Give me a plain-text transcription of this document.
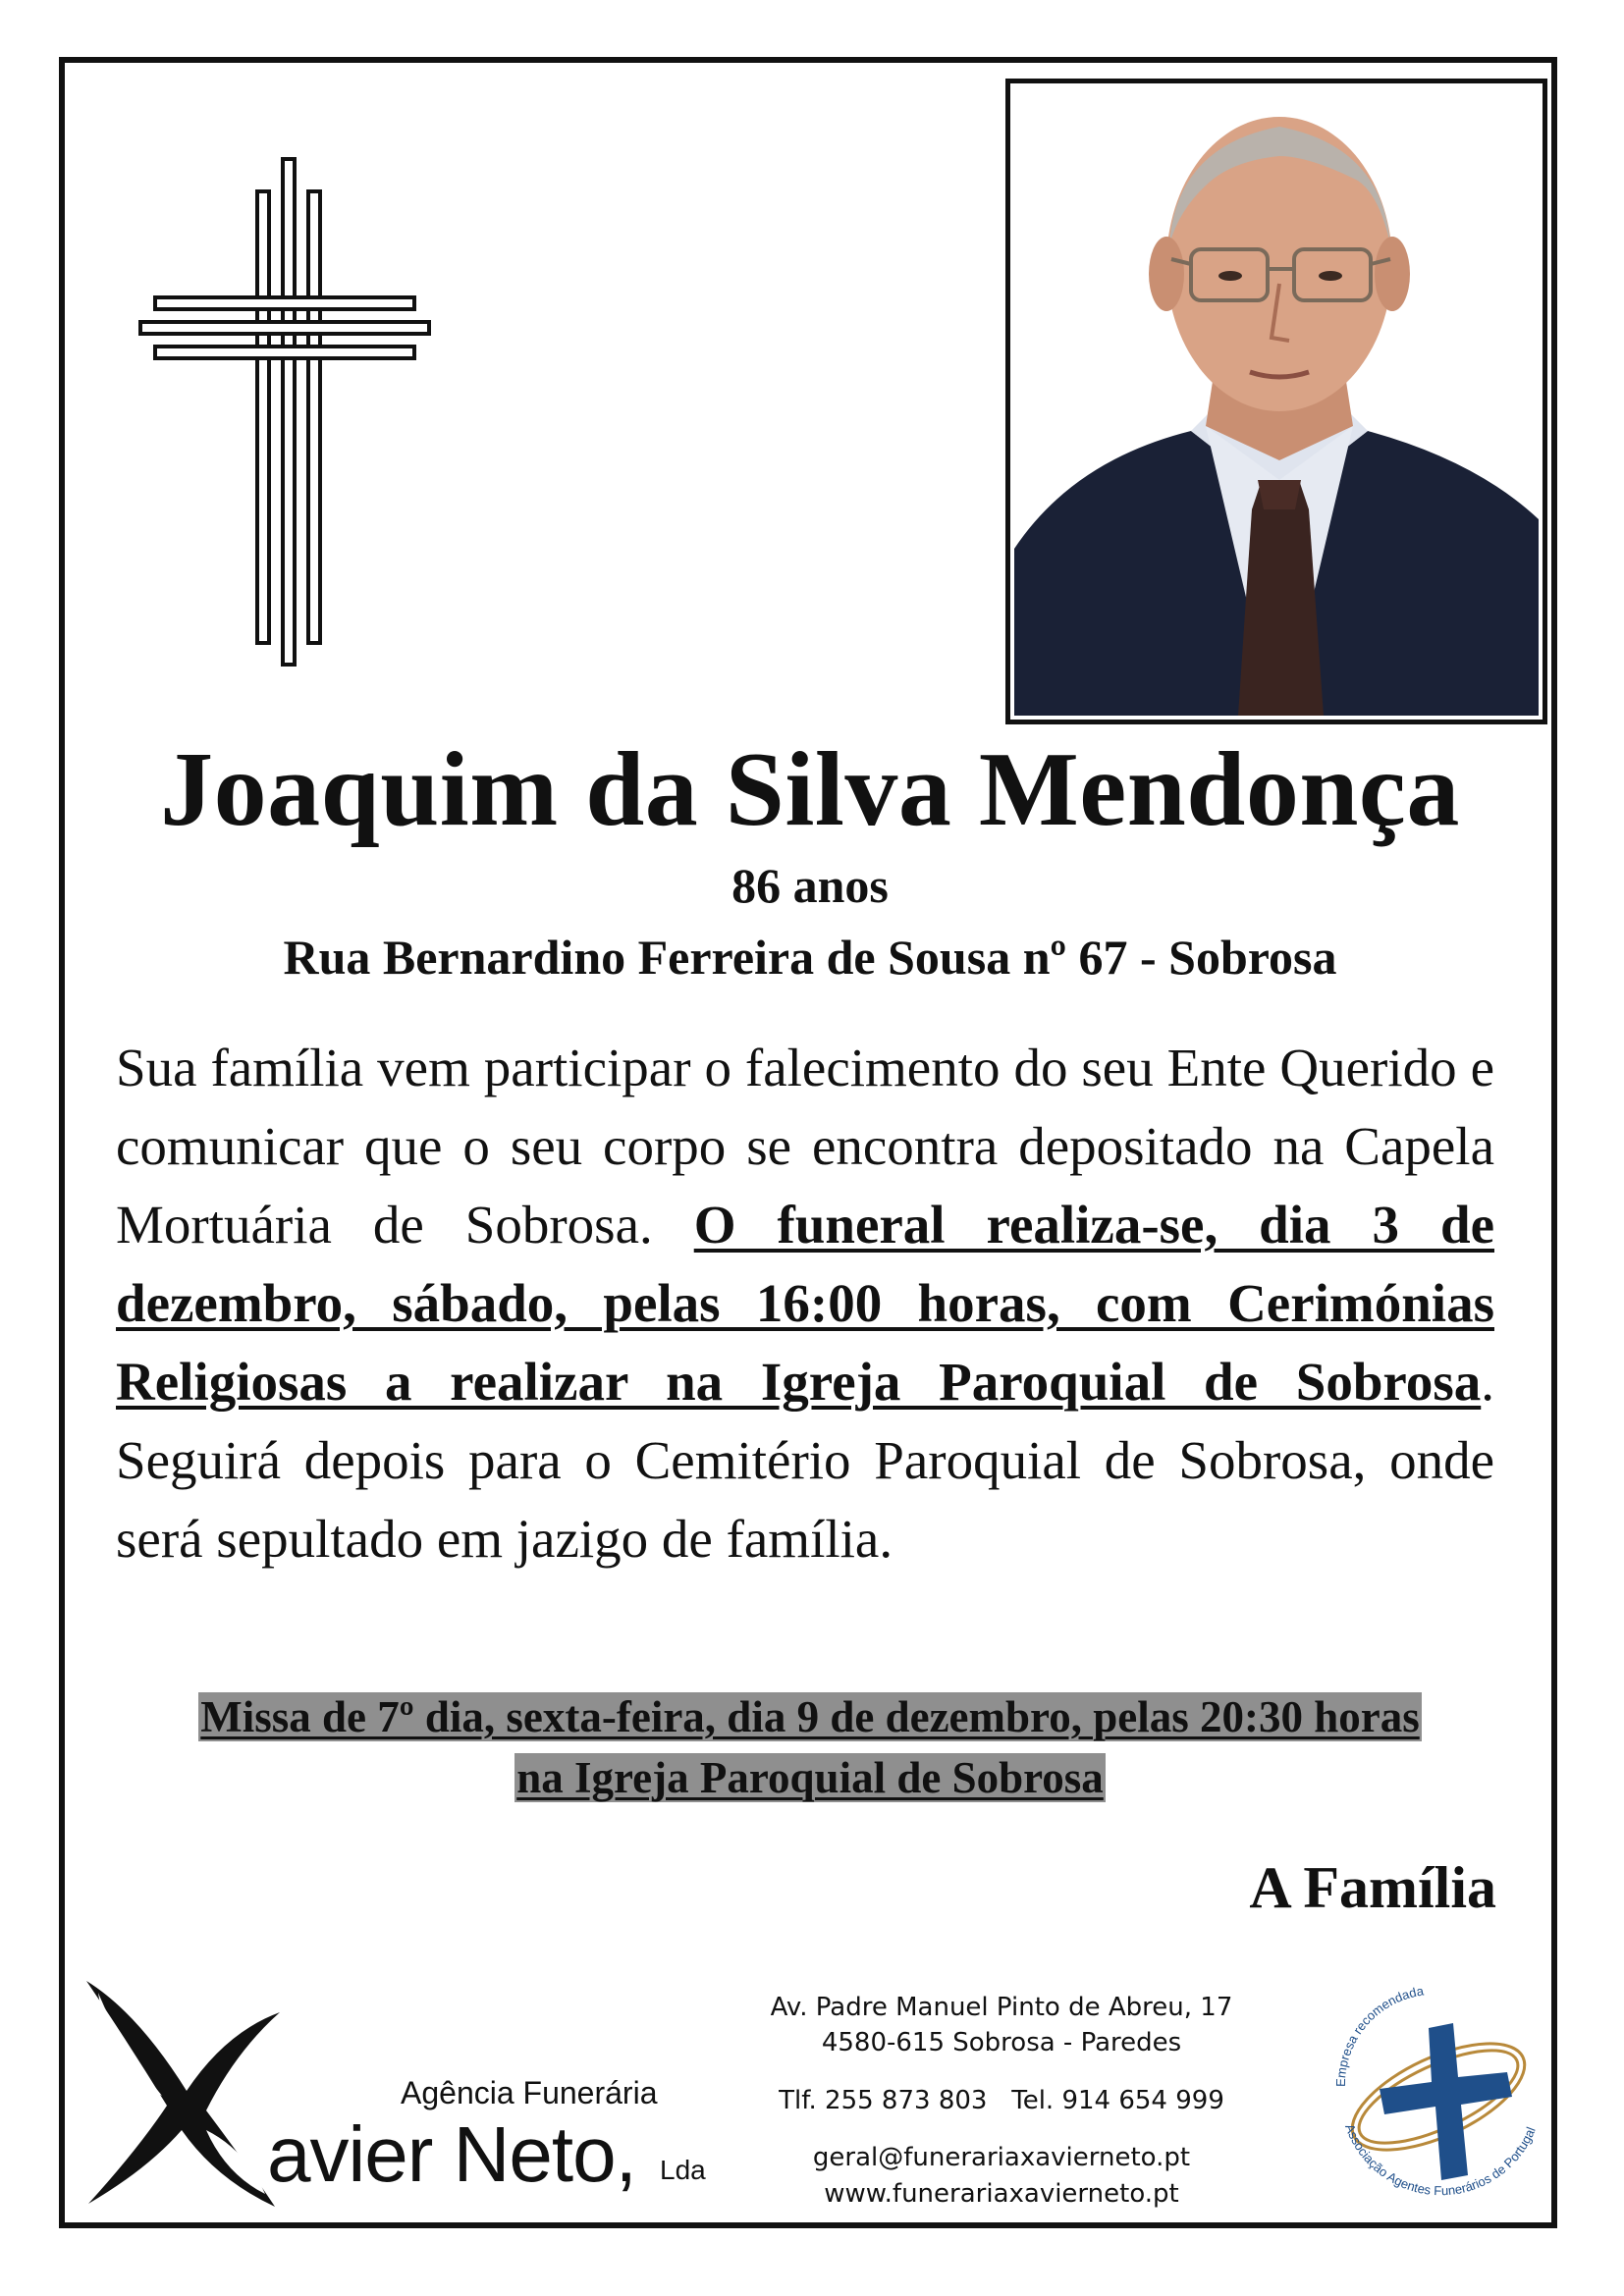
Joaquim da Silva Mendonça
86 anos
Rua Bernardino Ferreira de Sousa nº 67 - Sobrosa
Sua família vem participar o falecimento do seu Ente Querido e comunicar que o seu corpo se encontra depositado na Capela Mortuária de Sobrosa. O funeral realiza-se, dia 3 de dezembro, sábado, pelas 16:00 horas, com Cerimónias Religiosas a realizar na Igreja Paroquial de Sobrosa. Seguirá depois para o Cemitério Paroquial de Sobrosa, onde será sepultado em jazigo de família.
Missa de 7º dia, sexta-feira, dia 9 de dezembro, pelas 20:30 horas
na Igreja Paroquial de Sobrosa
A Família
Agência Funerária
avier Neto, Lda
Av. Padre Manuel Pinto de Abreu, 17
4580-615 Sobrosa - Paredes
Tlf. 255 873 803   Tel. 914 654 999
geral@funerariaxavierneto.pt
www.funerariaxavierneto.pt
Empresa recomendada
Associação Agentes Funerários de Portugal
